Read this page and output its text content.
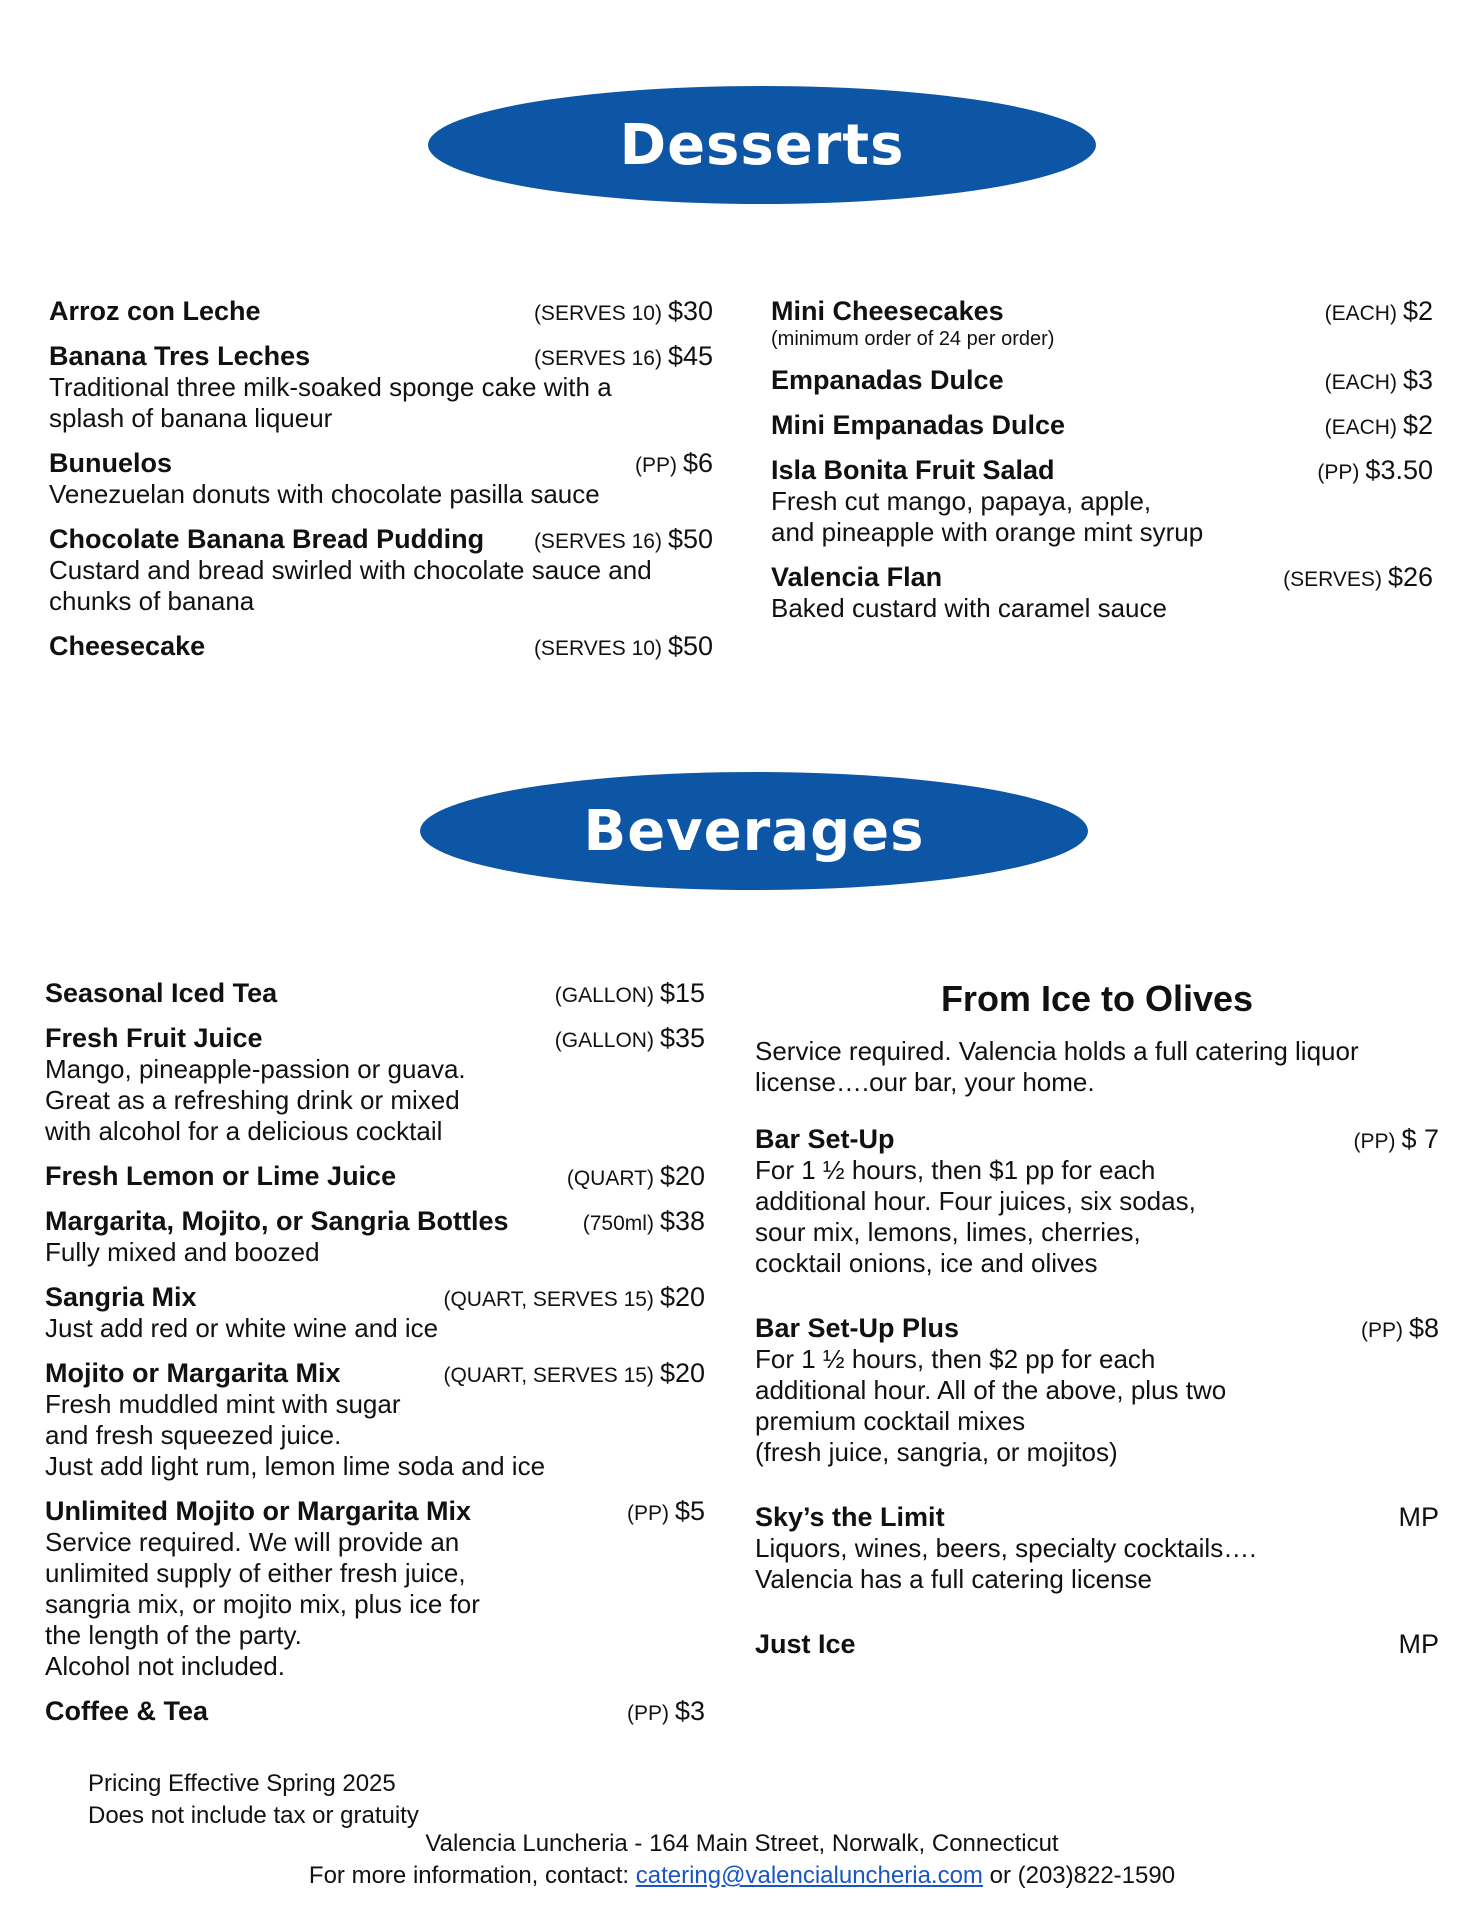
Desserts
Arroz con Leche	(SERVES 10) $30
Banana Tres Leches	(SERVES 16) $45
Traditional three milk-soaked sponge cake with a
splash of banana liqueur
Bunuelos	(PP) $6
Venezuelan donuts with chocolate pasilla sauce
Chocolate Banana Bread Pudding (SERVES 16) $50
Custard and bread swirled with chocolate sauce and
chunks of banana
Cheesecake	(SERVES 10) $50
Mini Cheesecakes	(EACH) $2
(minimum order of 24 per order)
Empanadas Dulce	(EACH) $3
Mini Empanadas Dulce	(EACH) $2
Isla Bonita Fruit Salad	(PP) $3.50
Fresh cut mango, papaya, apple,
and pineapple with orange mint syrup
Valencia Flan	(SERVES) $26
Baked custard with caramel sauce
Beverages
Seasonal Iced Tea	(GALLON) $15
Fresh Fruit Juice	(GALLON) $35
Mango, pineapple-passion or guava.
Great as a refreshing drink or mixed
with alcohol for a delicious cocktail
Fresh Lemon or Lime Juice	(QUART) $20
Margarita, Mojito, or Sangria Bottles	(750ml) $38
Fully mixed and boozed
Sangria Mix	(QUART, SERVES 15) $20
Just add red or white wine and ice
Mojito or Margarita Mix	(QUART, SERVES 15) $20
Fresh muddled mint with sugar
and fresh squeezed juice.
Just add light rum, lemon lime soda and ice
Unlimited Mojito or Margarita Mix	(PP) $5
Service required. We will provide an
unlimited supply of either fresh juice,
sangria mix, or mojito mix, plus ice for
the length of the party.
Alcohol not included.
Coffee & Tea	(PP) $3
From Ice to Olives
Service required. Valencia holds a full catering liquor
license….our bar, your home.
Bar Set-Up	(PP) $ 7
For 1 ½ hours, then $1 pp for each
additional hour. Four juices, six sodas,
sour mix, lemons, limes, cherries,
cocktail onions, ice and olives
Bar Set-Up Plus	(PP) $8
For 1 ½ hours, then $2 pp for each
additional hour. All of the above, plus two
premium cocktail mixes
(fresh juice, sangria, or mojitos)
Sky’s the Limit	MP
Liquors, wines, beers, specialty cocktails….
Valencia has a full catering license
Just Ice	MP
Pricing Effective Spring 2025
Does not include tax or gratuity
Valencia Luncheria - 164 Main Street, Norwalk, Connecticut
For more information, contact: catering@valencialuncheria.com or (203)822-1590
